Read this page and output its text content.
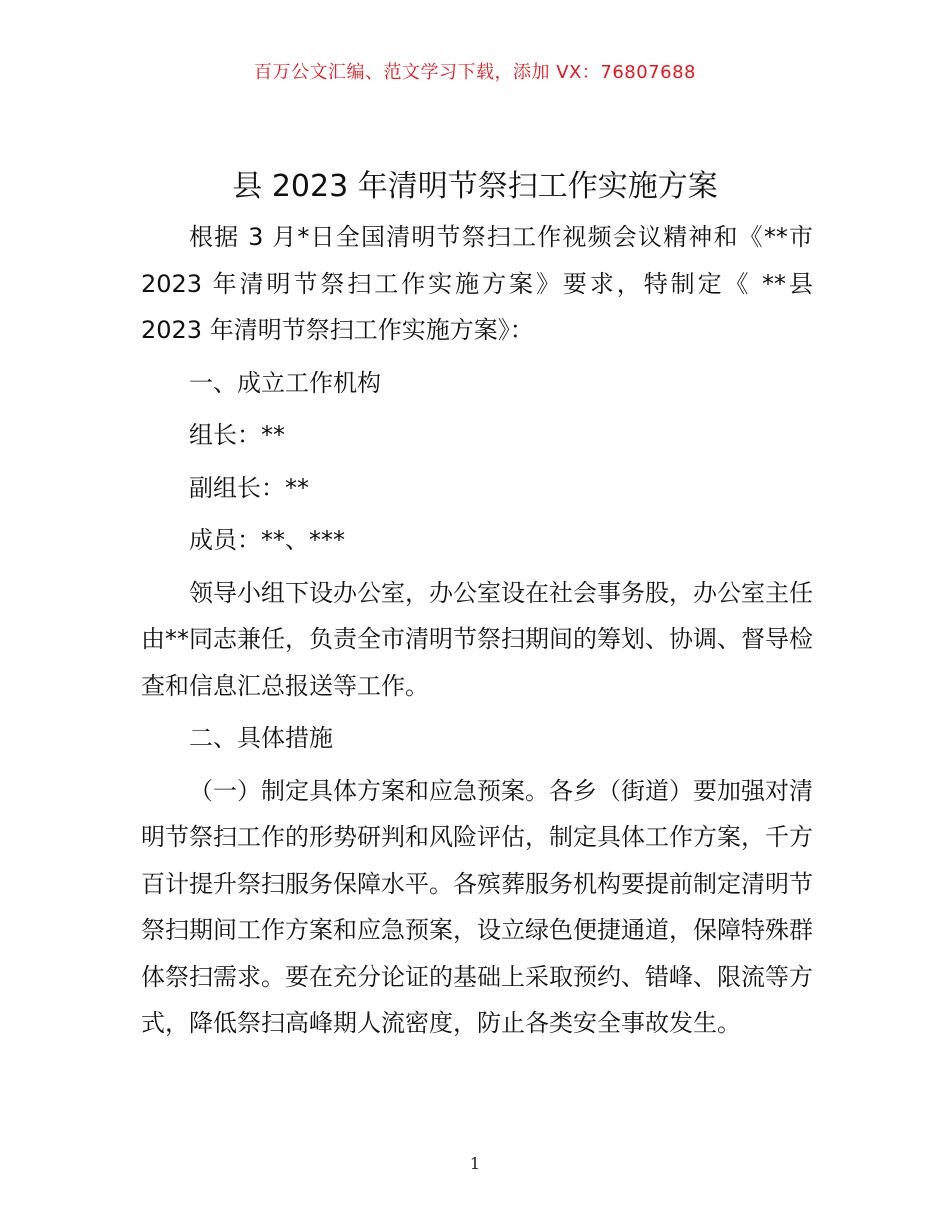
百万公文汇编、范文学习下载，添加 VX：76807688
县 2023 年清明节祭扫工作实施方案

根据 3 月*日全国清明节祭扫工作视频会议精神和《**市 2023 年清明节祭扫工作实施方案》要求，特制定《 **县 2023 年清明节祭扫工作实施方案》：

一、成立工作机构

组长：**

副组长：**

成员：**、***

领导小组下设办公室，办公室设在社会事务股，办公室主任由**同志兼任，负责全市清明节祭扫期间的筹划、协调、督导检查和信息汇总报送等工作。

二、具体措施

（一）制定具体方案和应急预案。各乡（街道）要加强对清明节祭扫工作的形势研判和风险评估，制定具体工作方案，千方百计提升祭扫服务保障水平。各殡葬服务机构要提前制定清明节祭扫期间工作方案和应急预案，设立绿色便捷通道，保障特殊群体祭扫需求。要在充分论证的基础上采取预约、错峰、限流等方式，降低祭扫高峰期人流密度，防止各类安全事故发生。

1
